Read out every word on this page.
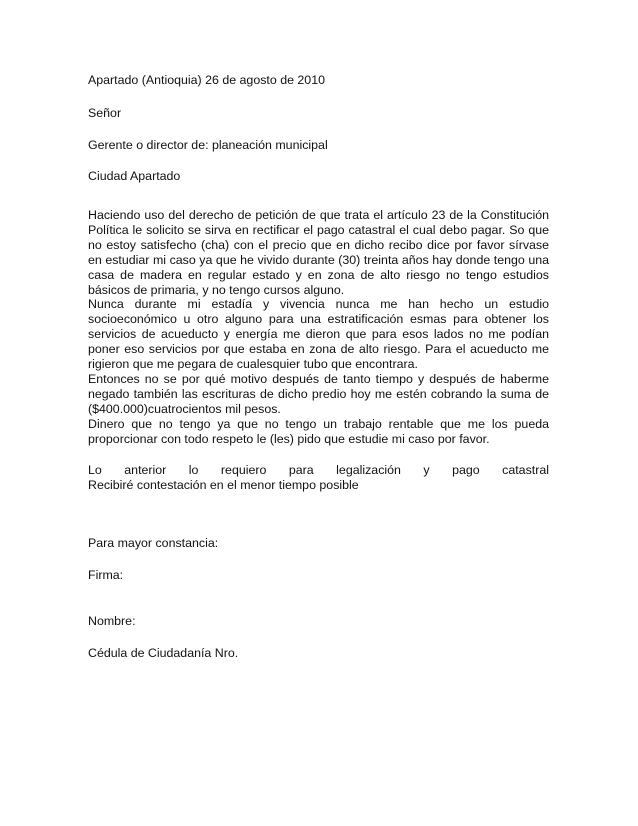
Apartado (Antioquia) 26 de agosto de 2010

Señor

Gerente o director de: planeación municipal

Ciudad Apartado

Haciendo uso del derecho de petición de que trata el artículo 23 de la Constitución Política le solicito se sirva en rectificar el pago catastral el cual debo pagar. So que no estoy satisfecho (cha) con el precio que en dicho recibo dice por favor sírvase en estudiar mi caso ya que he vivido durante (30) treinta años hay donde tengo una casa de madera en regular estado y en zona de alto riesgo no tengo estudios básicos de primaria, y no tengo cursos alguno.

Nunca durante mi estadía y vivencia nunca me han hecho un estudio socioeconómico u otro alguno para una estratificación esmas para obtener los servicios de acueducto y energía me dieron que para esos lados no me podían poner eso servicios por que estaba en zona de alto riesgo. Para el acueducto me rigieron que me pegara de cualesquier tubo que encontrara.

Entonces no se por qué motivo después de tanto tiempo y después de haberme negado también las escrituras de dicho predio hoy me estén cobrando la suma de ($400.000)cuatrocientos mil pesos.

Dinero que no tengo ya que no tengo un trabajo rentable que me los pueda proporcionar con todo respeto le (les) pido que estudie mi caso por favor.

Lo anterior lo requiero para legalización y pago catastral
Recibiré contestación en el menor tiempo posible

Para mayor constancia:

Firma:

Nombre:

Cédula de Ciudadanía Nro.
